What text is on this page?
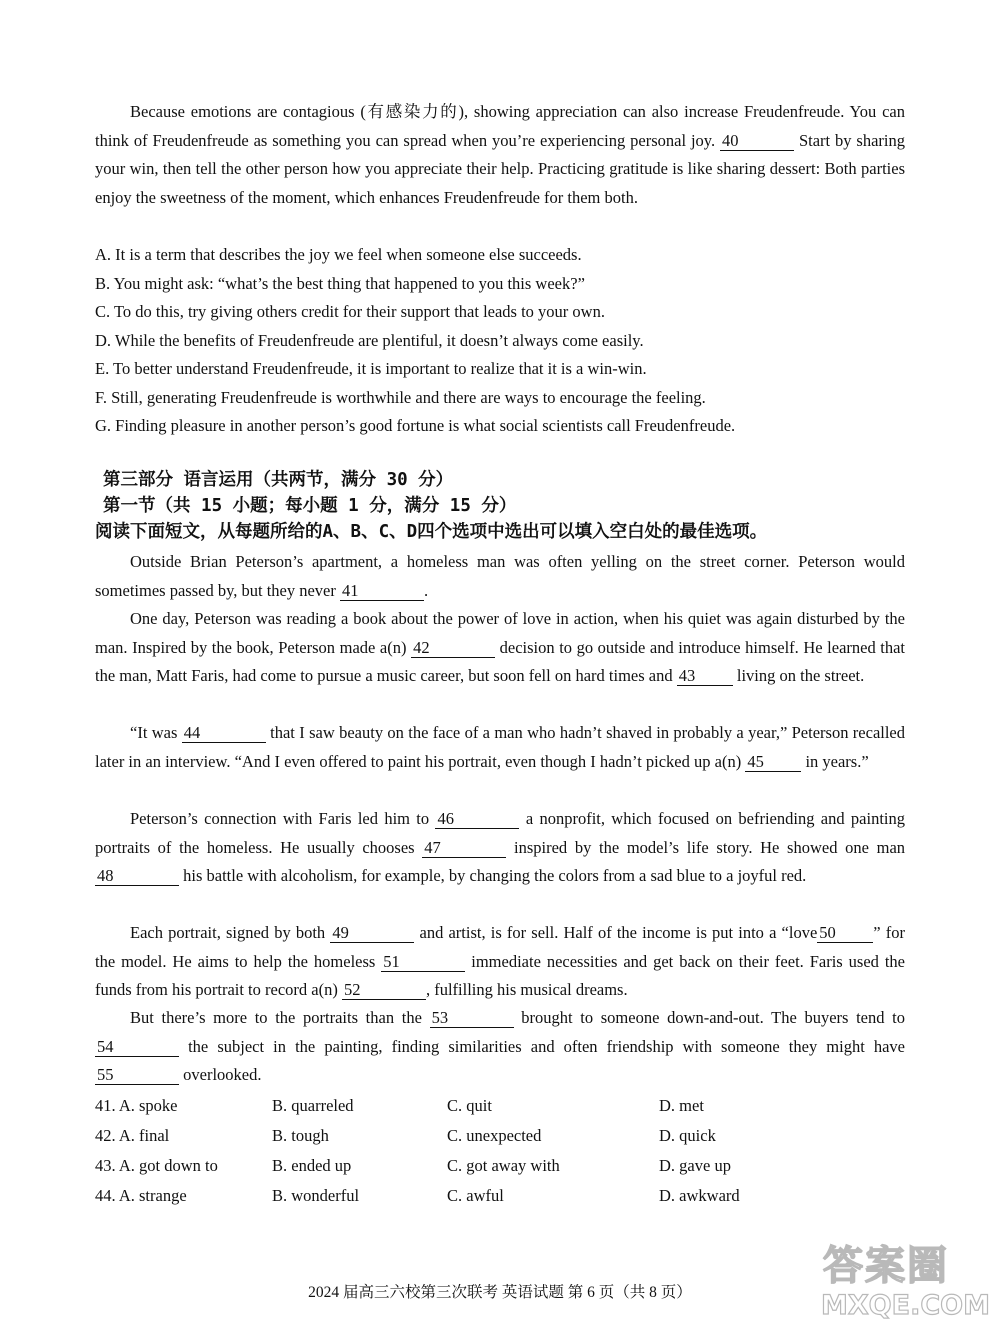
Because emotions are contagious (有感染力的), showing appreciation can also increase Freudenfreude. You can think of Freudenfreude as something you can spread when you’re experiencing personal joy. 40	Start by sharing your win, then tell the other person how you appreciate their help. Practicing gratitude is like sharing dessert: Both parties enjoy the sweetness of the moment, which enhances Freudenfreude for them both.

A. It is a term that describes the joy we feel when someone else succeeds.
B. You might ask: “what’s the best thing that happened to you this week?”
C. To do this, try giving others credit for their support that leads to your own.
D. While the benefits of Freudenfreude are plentiful, it doesn’t always come easily.
E. To better understand Freudenfreude, it is important to realize that it is a win-win.
F. Still, generating Freudenfreude is worthwhile and there are ways to encourage the feeling.
G. Finding pleasure in another person’s good fortune is what social scientists call Freudenfreude.
第三部分 语言运用（共两节，满分 30 分）
第一节（共 15 小题；每小题 1 分，满分 15 分）
阅读下面短文，从每题所给的A、B、C、D四个选项中选出可以填入空白处的最佳选项。

Outside Brian Peterson’s apartment, a homeless man was often yelling on the street corner. Peterson would sometimes passed by, but they never 41	.

One day, Peterson was reading a book about the power of love in action, when his quiet was again disturbed by the man. Inspired by the book, Peterson made a(n) 42	decision to go outside and introduce himself. He learned that the man, Matt Faris, had come to pursue a music career, but soon fell on hard times and 43	living on the street.

“It was 44	that I saw beauty on the face of a man who hadn’t shaved in probably a year,” Peterson recalled later in an interview. “And I even offered to paint his portrait, even though I hadn’t picked up a(n) 45	in years.”

Peterson’s connection with Faris led him to 46	a nonprofit, which focused on befriending and painting portraits of the homeless. He usually chooses 47	inspired by the model’s life story. He showed one man 48	his battle with alcoholism, for example, by changing the colors from a sad blue to a joyful red.

Each portrait, signed by both 49	and artist, is for sell. Half of the income is put into a “love 50 ” for the model. He aims to help the homeless 51	immediate necessities and get back on their feet. Faris used the funds from his portrait to record a(n) 52	, fulfilling his musical dreams.

But there’s more to the portraits than the 53	brought to someone down-and-out. The buyers tend to 54	the subject in the painting, finding similarities and often friendship with someone they might have 55	overlooked.

41. A. spoke	B. quarreled	C. quit	D. met
42. A. final	B. tough	C. unexpected	D. quick
43. A. got down to	B. ended up	C. got away with	D. gave up
44. A. strange	B. wonderful	C. awful	D. awkward
2024 届高三六校第三次联考 英语试题 第 6 页（共 8 页）
答案圈
MXQE.COM
